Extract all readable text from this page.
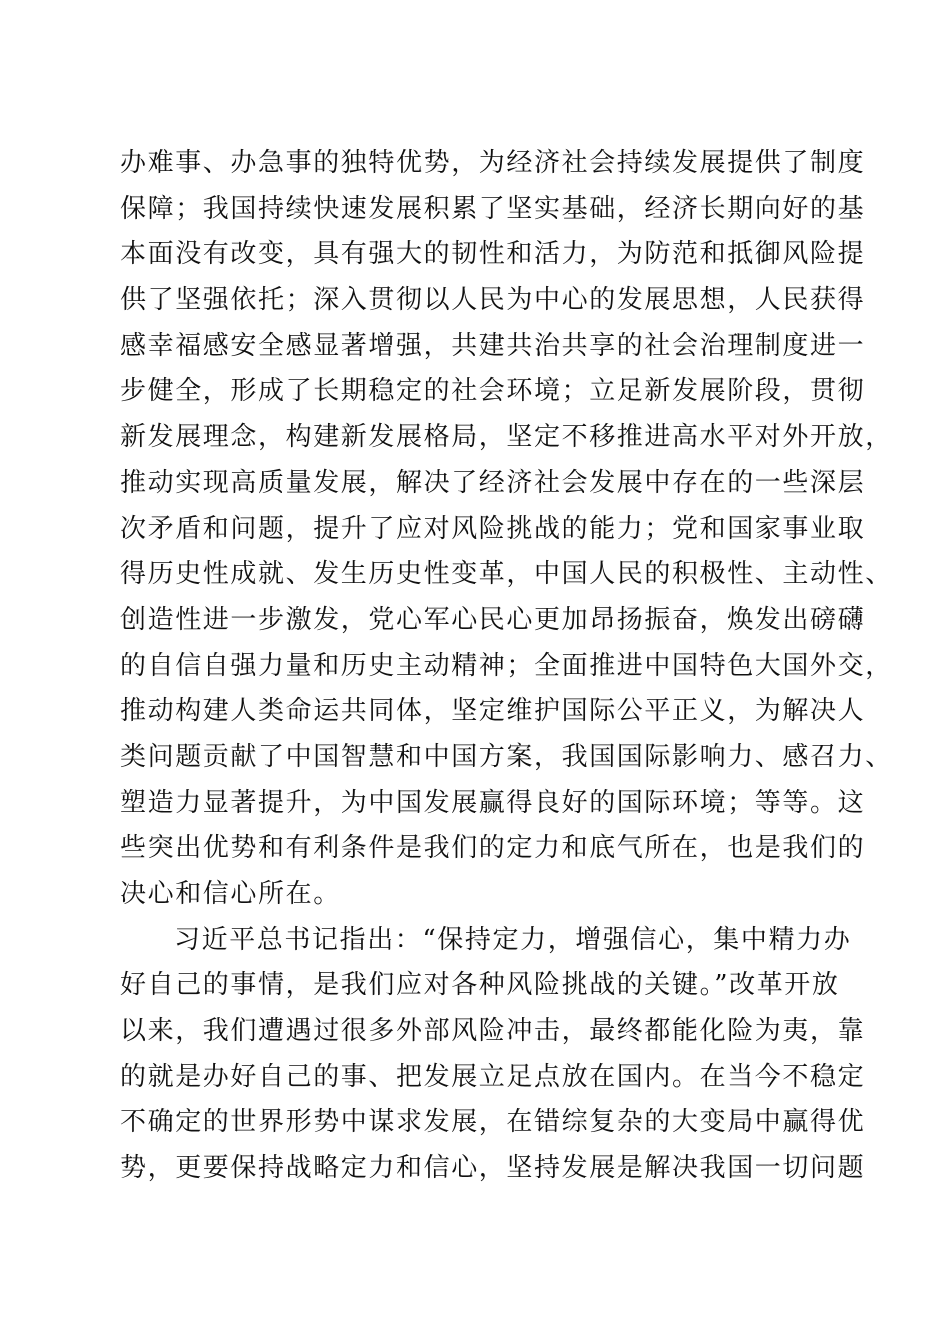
办难事、办急事的独特优势，为经济社会持续发展提供了制度
保障；我国持续快速发展积累了坚实基础，经济长期向好的基
本面没有改变，具有强大的韧性和活力，为防范和抵御风险提
供了坚强依托；深入贯彻以人民为中心的发展思想，人民获得
感幸福感安全感显著增强，共建共治共享的社会治理制度进一
步健全，形成了长期稳定的社会环境；立足新发展阶段，贯彻
新发展理念，构建新发展格局，坚定不移推进高水平对外开放，
推动实现高质量发展，解决了经济社会发展中存在的一些深层
次矛盾和问题，提升了应对风险挑战的能力；党和国家事业取
得历史性成就、发生历史性变革，中国人民的积极性、主动性、
创造性进一步激发，党心军心民心更加昂扬振奋，焕发出磅礴
的自信自强力量和历史主动精神；全面推进中国特色大国外交，
推动构建人类命运共同体，坚定维护国际公平正义，为解决人
类问题贡献了中国智慧和中国方案，我国国际影响力、感召力、
塑造力显著提升，为中国发展赢得良好的国际环境；等等。这
些突出优势和有利条件是我们的定力和底气所在，也是我们的
决心和信心所在。
习近平总书记指出：“保持定力，增强信心，集中精力办
好自己的事情，是我们应对各种风险挑战的关键。”改革开放
以来，我们遭遇过很多外部风险冲击，最终都能化险为夷，靠
的就是办好自己的事、把发展立足点放在国内。在当今不稳定
不确定的世界形势中谋求发展，在错综复杂的大变局中赢得优
势，更要保持战略定力和信心，坚持发展是解决我国一切问题
